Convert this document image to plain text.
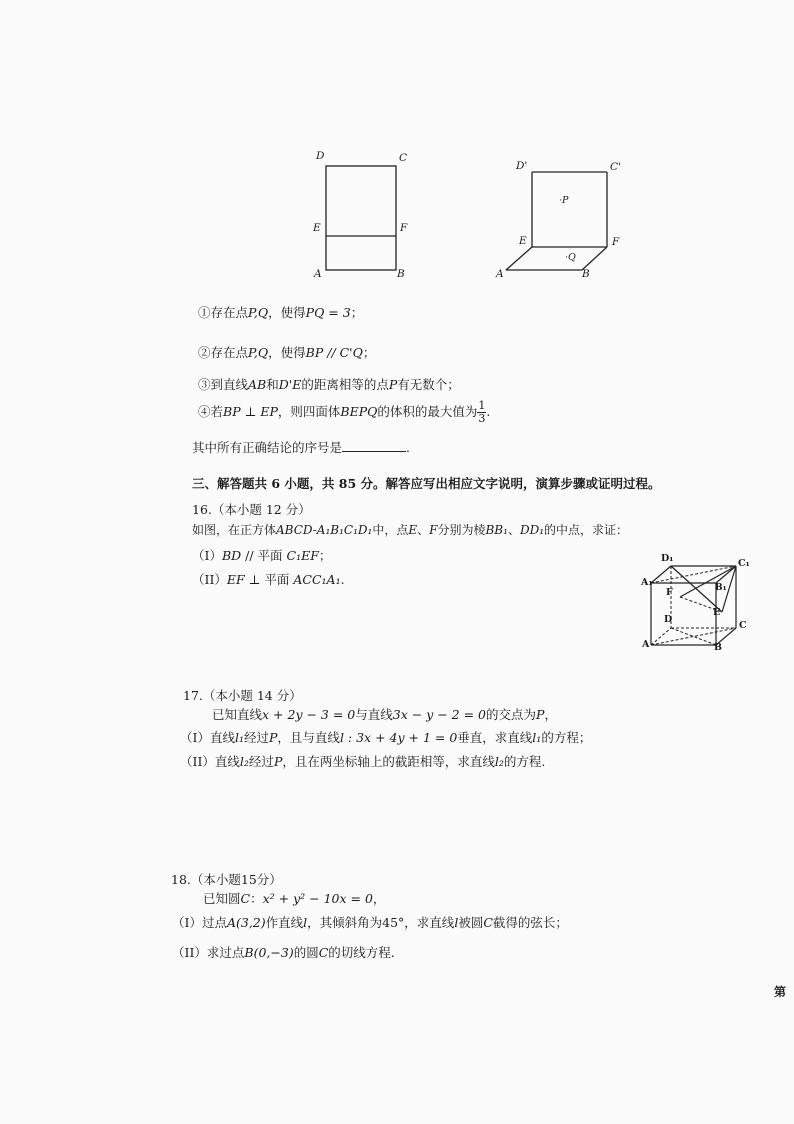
D	C
E	F
A	B
D'	C'
·P
E	F
·Q
A	B
①存在点P,Q，使得PQ = 3；
②存在点P,Q，使得BP // C'Q；
③到直线AB和D'E的距离相等的点P有无数个；
④若BP ⊥ EP，则四面体BEPQ的体积的最大值为 $\frac{1}{3}$ .
其中所有正确结论的序号是	.
三、解答题共 6 小题，共 85 分。解答应写出相应文字说明，演算步骤或证明过程。
16.（本小题 12 分）
如图，在正方体ABCD-A₁B₁C₁D₁中，点E、F分别为棱BB₁、DD₁的中点，求证：
（I）BD // 平面 C₁EF；
（II）EF ⊥ 平面 ACC₁A₁.
D₁	C₁
A₁	B₁
F
E
D
C
A	B
17.（本小题 14 分）
已知直线x + 2y − 3 = 0与直线3x − y − 2 = 0的交点为P，
（I）直线l₁经过P，且与直线l : 3x + 4y + 1 = 0垂直，求直线l₁的方程；
（II）直线l₂经过P，且在两坐标轴上的截距相等，求直线l₂的方程.
18.（本小题15分）
已知圆C：x² + y² − 10x = 0，
（I）过点A(3,2)作直线l，其倾斜角为45°，求直线l被圆C截得的弦长；
（II）求过点B(0,−3)的圆C的切线方程.
第
